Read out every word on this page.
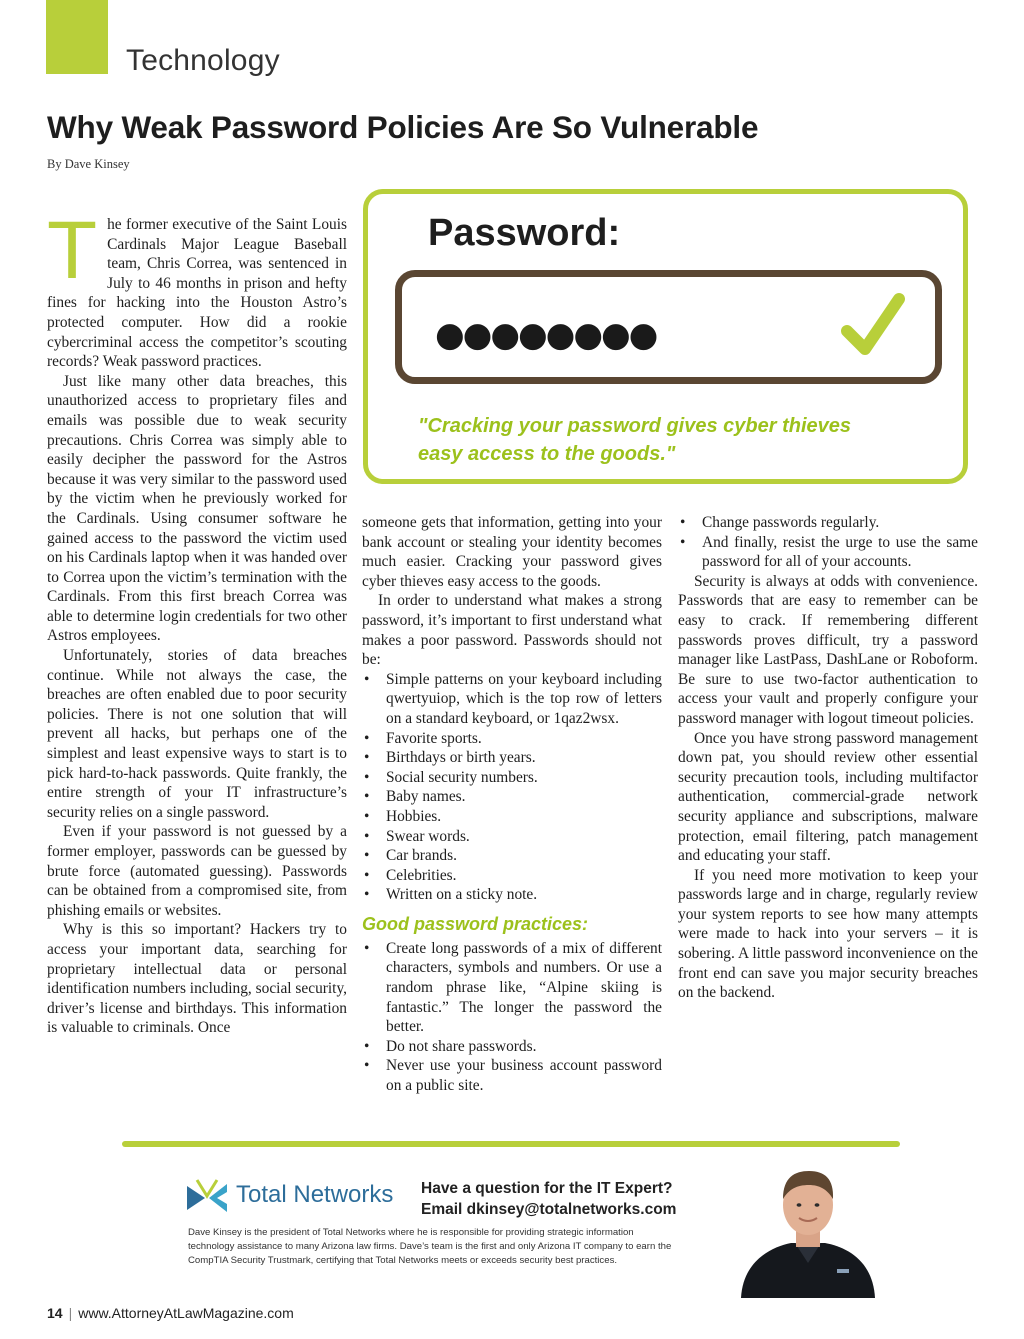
Technology
Why Weak Password Policies Are So Vulnerable
By Dave Kinsey
T he former executive of the Saint Louis Cardinals Major League Baseball team, Chris Correa, was sentenced in July to 46 months in prison and hefty fines for hacking into the Houston Astro’s protected computer. How did a rookie cybercriminal access the competitor’s scouting records? Weak password practices.

Just like many other data breaches, this unauthorized access to proprietary files and emails was possible due to weak security precautions. Chris Correa was simply able to easily decipher the password for the Astros because it was very similar to the password used by the victim when he previously worked for the Cardinals. Using consumer software he gained access to the password the victim used on his Cardinals laptop when it was handed over to Correa upon the victim’s termination with the Cardinals. From this first breach Correa was able to determine login credentials for two other Astros employees.

Unfortunately, stories of data breaches continue. While not always the case, the breaches are often enabled due to poor security policies. There is not one solution that will prevent all hacks, but perhaps one of the simplest and least expensive ways to start is to pick hard-to-hack passwords. Quite frankly, the entire strength of your IT infrastructure’s security relies on a single password.

Even if your password is not guessed by a former employer, passwords can be guessed by brute force (automated guessing). Passwords can be obtained from a compromised site, from phishing emails or websites.

Why is this so important? Hackers try to access your important data, searching for proprietary intellectual data or personal identification numbers including, social security, driver’s license and birthdays. This information is valuable to criminals. Once

Password:
●●●●●●●●
"Cracking your password gives cyber thieves
easy access to the goods."

someone gets that information, getting into your bank account or stealing your identity becomes much easier. Cracking your password gives cyber thieves easy access to the goods.

In order to understand what makes a strong password, it’s important to first understand what makes a poor password. Passwords should not be:

• Simple patterns on your keyboard including qwertyuiop, which is the top row of letters on a standard keyboard, or 1qaz2wsx.
• Favorite sports.
• Birthdays or birth years.
• Social security numbers.
• Baby names.
• Hobbies.
• Swear words.
• Car brands.
• Celebrities.
• Written on a sticky note.
Good password practices:
• Create long passwords of a mix of different characters, symbols and numbers. Or use a random phrase like, “Alpine skiing is fantastic.” The longer the password the better.
• Do not share passwords.
• Never use your business account password on a public site.
• Change passwords regularly.
• And finally, resist the urge to use the same password for all of your accounts.

Security is always at odds with convenience. Passwords that are easy to remember can be easy to crack. If remembering different passwords proves difficult, try a password manager like LastPass, DashLane or Roboform. Be sure to use two-factor authentication to access your vault and properly configure your password manager with logout timeout policies.

Once you have strong password management down pat, you should review other essential security precaution tools, including multifactor authentication, commercial-grade network security appliance and subscriptions, malware protection, email filtering, patch management and educating your staff.

If you need more motivation to keep your passwords large and in charge, regularly review your system reports to see how many attempts were made to hack into your servers – it is sobering. A little password inconvenience on the front end can save you major security breaches on the backend.

Total Networks Have a question for the IT Expert?
Email dkinsey@totalnetworks.com
Dave Kinsey is the president of Total Networks where he is responsible for providing strategic information
technology assistance to many Arizona law firms. Dave’s team is the first and only Arizona IT company to earn the
CompTIA Security Trustmark, certifying that Total Networks meets or exceeds security best practices.
14 | www.AttorneyAtLawMagazine.com
